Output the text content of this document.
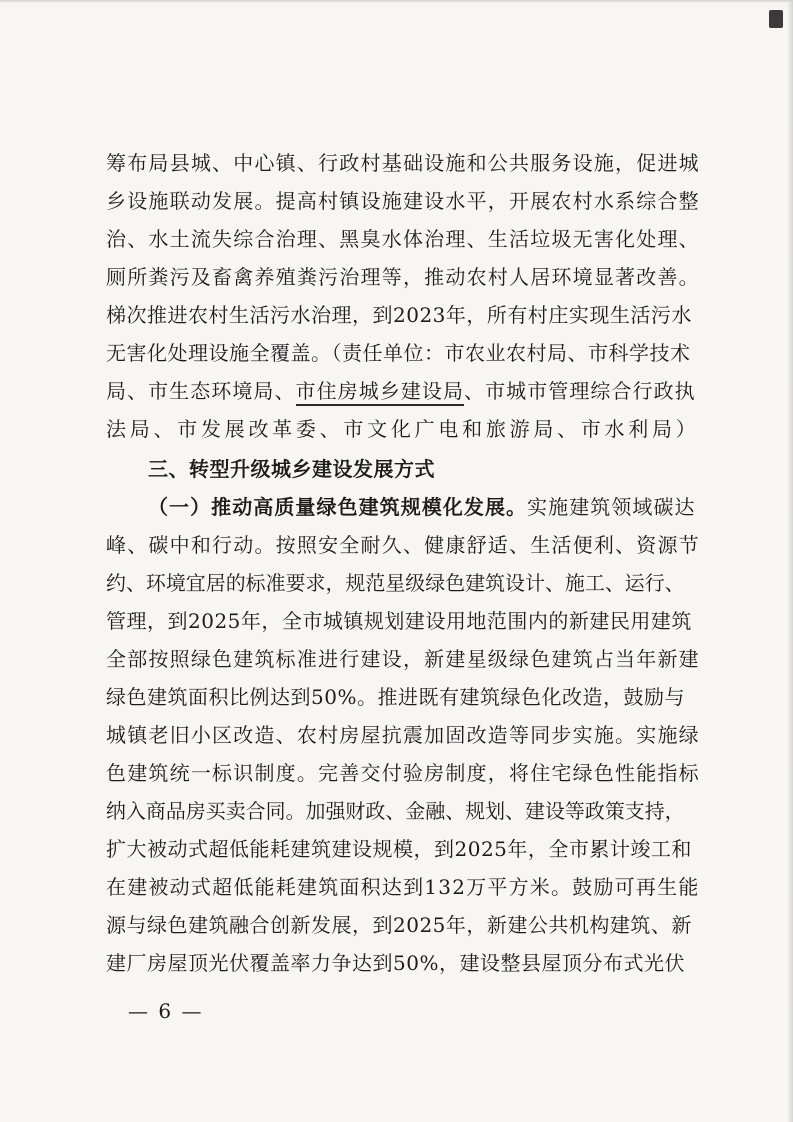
筹布局县城、中心镇、行政村基础设施和公共服务设施，促进城
乡设施联动发展。提高村镇设施建设水平，开展农村水系综合整
治、水土流失综合治理、黑臭水体治理、生活垃圾无害化处理、
厕所粪污及畜禽养殖粪污治理等，推动农村人居环境显著改善。
梯次推进农村生活污水治理，到2023年，所有村庄实现生活污水
无害化处理设施全覆盖。（责任单位：市农业农村局、市科学技术
局、市生态环境局、市住房城乡建设局、市城市管理综合行政执
法局、市发展改革委、市文化广电和旅游局、市水利局）
三、转型升级城乡建设发展方式
（一）推动高质量绿色建筑规模化发展。实施建筑领域碳达
峰、碳中和行动。按照安全耐久、健康舒适、生活便利、资源节
约、环境宜居的标准要求，规范星级绿色建筑设计、施工、运行、
管理，到2025年，全市城镇规划建设用地范围内的新建民用建筑
全部按照绿色建筑标准进行建设，新建星级绿色建筑占当年新建
绿色建筑面积比例达到50%。推进既有建筑绿色化改造，鼓励与
城镇老旧小区改造、农村房屋抗震加固改造等同步实施。实施绿
色建筑统一标识制度。完善交付验房制度，将住宅绿色性能指标
纳入商品房买卖合同。加强财政、金融、规划、建设等政策支持，
扩大被动式超低能耗建筑建设规模，到2025年，全市累计竣工和
在建被动式超低能耗建筑面积达到132万平方米。鼓励可再生能
源与绿色建筑融合创新发展，到2025年，新建公共机构建筑、新
建厂房屋顶光伏覆盖率力争达到50%，建设整县屋顶分布式光伏
— 6 —
